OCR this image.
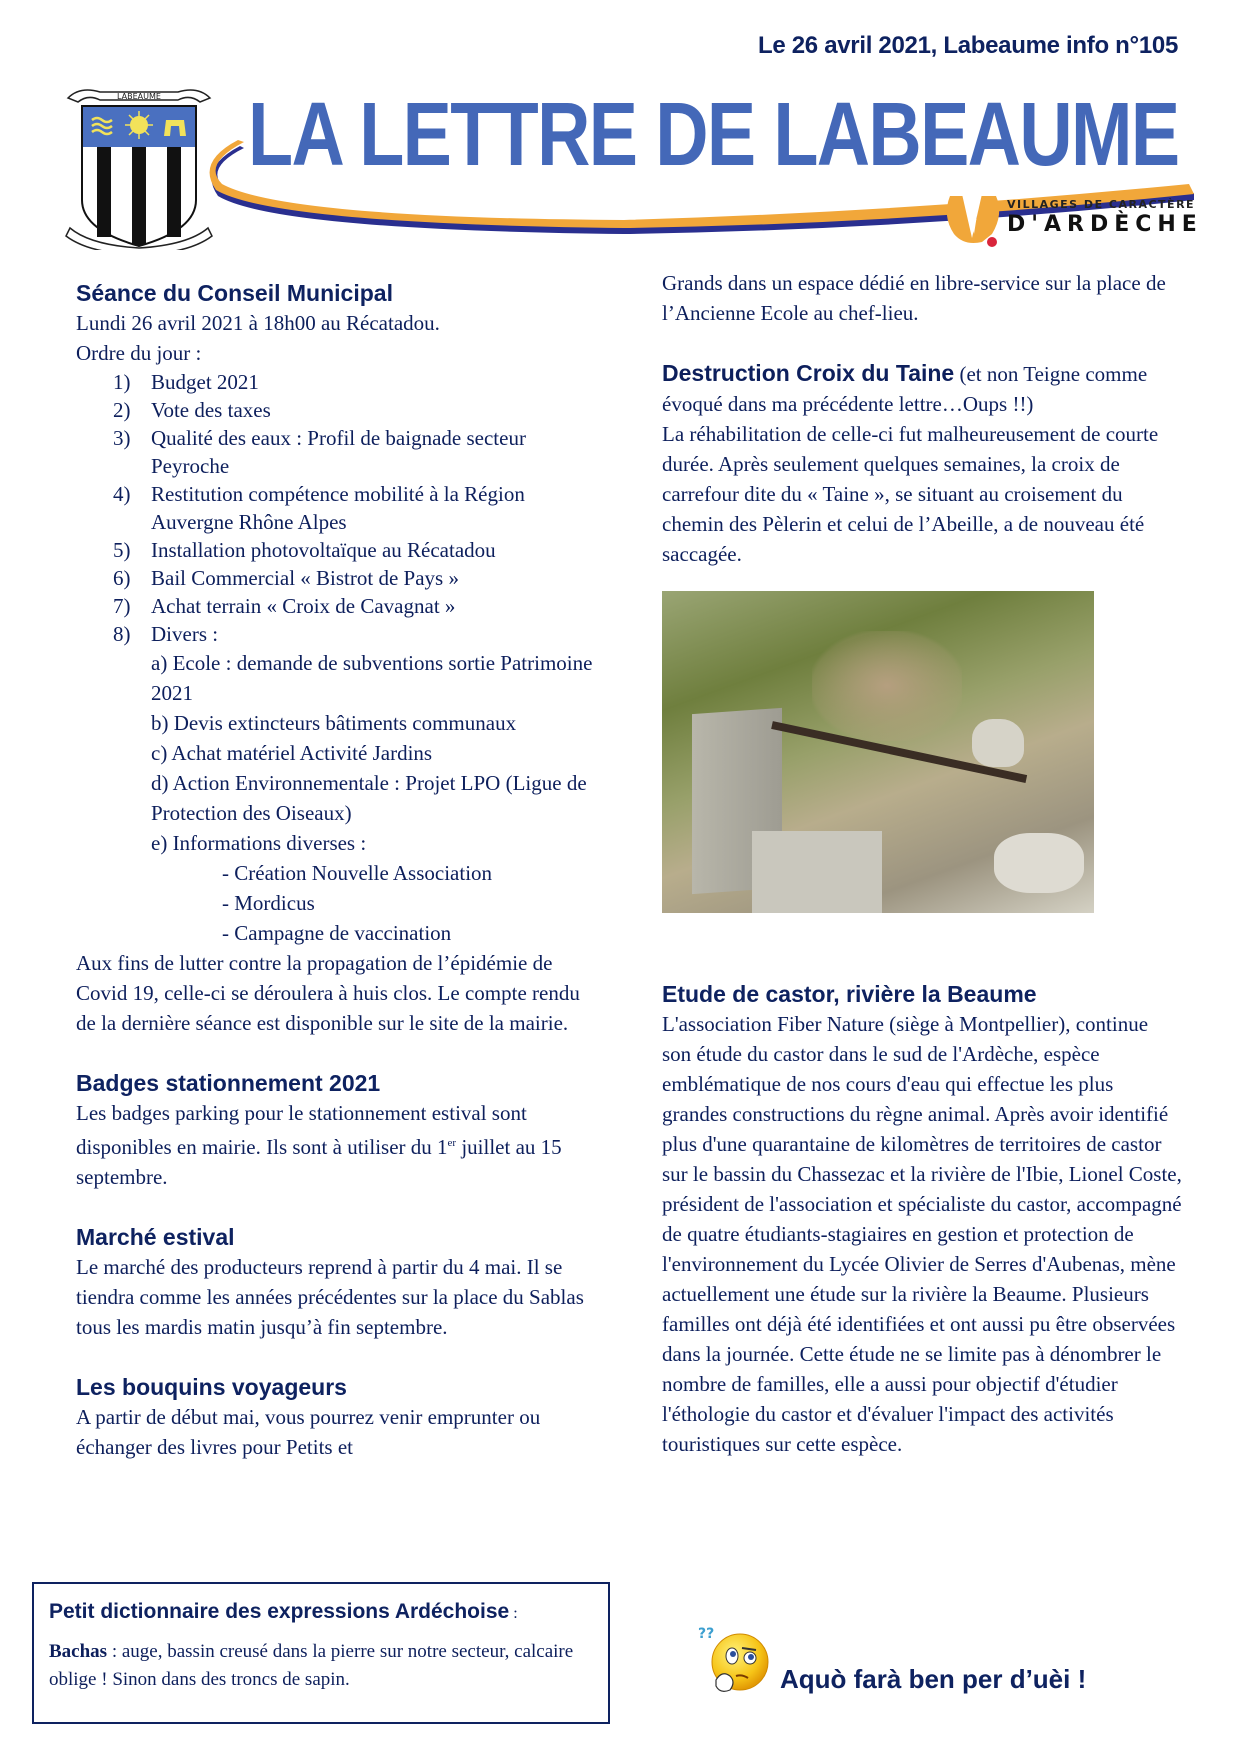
Le 26 avril 2021, Labeaume info n°105
LABEAUME LA LETTRE DE LABEAUME
VILLAGES DE CARACTÈRE
D'ARDÈCHE
Séance du Conseil Municipal

Lundi 26 avril 2021 à 18h00 au Récatadou.

Ordre du jour :

1) Budget 2021
2) Vote des taxes
3) Qualité des eaux : Profil de baignade secteur Peyroche
4) Restitution compétence mobilité à la Région Auvergne Rhône Alpes
5) Installation photovoltaïque au Récatadou
6) Bail Commercial « Bistrot de Pays »
7) Achat terrain « Croix de Cavagnat »
8) Divers :

a) Ecole : demande de subventions sortie Patrimoine 2021

b) Devis extincteurs bâtiments communaux

c) Achat matériel Activité Jardins

d) Action Environnementale : Projet LPO (Ligue de Protection des Oiseaux)

e) Informations diverses :

- Création Nouvelle Association

- Mordicus

- Campagne de vaccination

Aux fins de lutter contre la propagation de l’épidémie de Covid 19, celle-ci se déroulera à huis clos. Le compte rendu de la dernière séance est disponible sur le site de la mairie.

Badges stationnement 2021

Les badges parking pour le stationnement estival sont disponibles en mairie. Ils sont à utiliser du 1er juillet au 15 septembre.

Marché estival

Le marché des producteurs reprend à partir du 4 mai. Il se tiendra comme les années précédentes sur la place du Sablas tous les mardis matin jusqu’à fin septembre.

Les bouquins voyageurs

A partir de début mai, vous pourrez venir emprunter ou échanger des livres pour Petits et

Grands dans un espace dédié en libre-service sur la place de l’Ancienne Ecole au chef-lieu.

Destruction Croix du Taine (et non Teigne comme évoqué dans ma précédente lettre…Oups !!)

La réhabilitation de celle-ci fut malheureusement de courte durée. Après seulement quelques semaines, la croix de carrefour dite du « Taine », se situant au croisement du chemin des Pèlerin et celui de l’Abeille, a de nouveau été saccagée.

Etude de castor, rivière la Beaume

L'association Fiber Nature (siège à Montpellier), continue son étude du castor dans le sud de l'Ardèche, espèce emblématique de nos cours d'eau qui effectue les plus grandes constructions du règne animal. Après avoir identifié plus d'une quarantaine de kilomètres de territoires de castor sur le bassin du Chassezac et la rivière de l'Ibie, Lionel Coste, président de l'association et spécialiste du castor, accompagné de quatre étudiants-stagiaires en gestion et protection de l'environnement du Lycée Olivier de Serres d'Aubenas, mène actuellement une étude sur la rivière la Beaume. Plusieurs familles ont déjà été identifiées et ont aussi pu être observées dans la journée. Cette étude ne se limite pas à dénombrer le nombre de familles, elle a aussi pour objectif d'étudier l'éthologie du castor et d'évaluer l'impact des activités touristiques sur cette espèce.

Petit dictionnaire des expressions Ardéchoise :
Bachas : auge, bassin creusé dans la pierre sur notre secteur, calcaire oblige ! Sinon dans des troncs de sapin.
??
Aquò farà ben per d’uèi !
